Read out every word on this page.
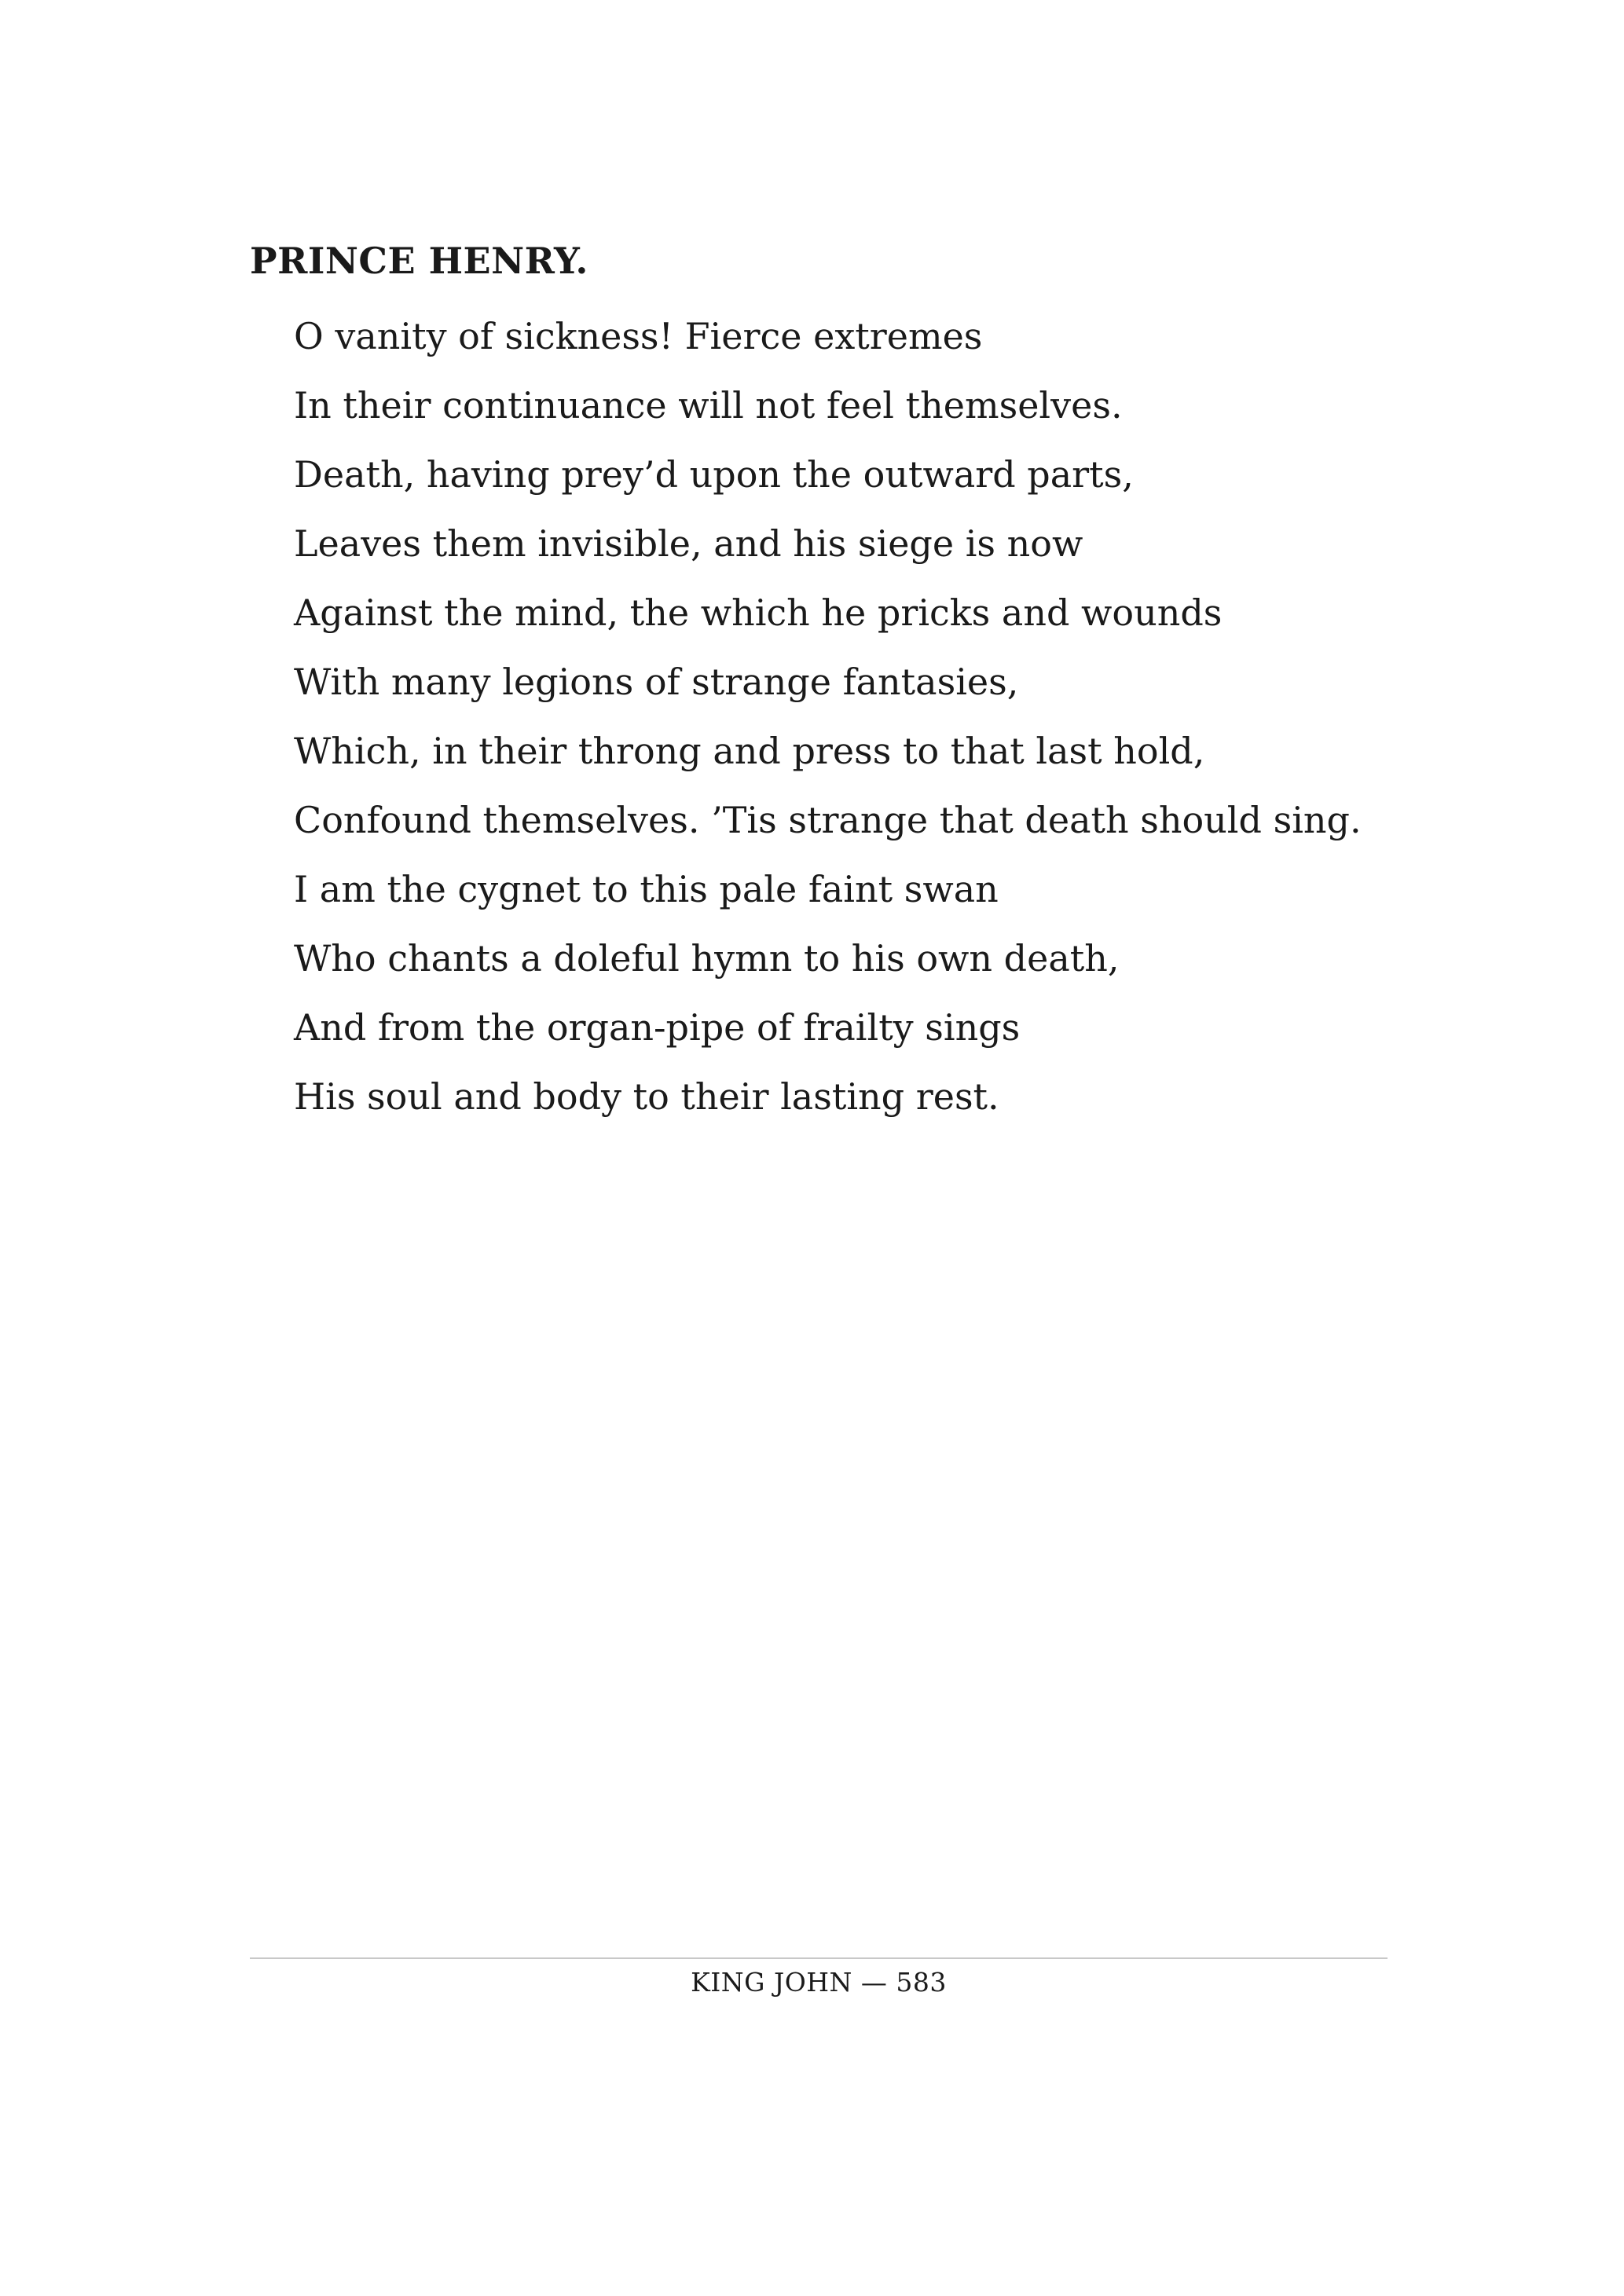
PRINCE HENRY.
O vanity of sickness! Fierce extremes
In their continuance will not feel themselves.
Death, having prey’d upon the outward parts,
Leaves them invisible, and his siege is now
Against the mind, the which he pricks and wounds
With many legions of strange fantasies,
Which, in their throng and press to that last hold,
Confound themselves. ’Tis strange that death should sing.
I am the cygnet to this pale faint swan
Who chants a doleful hymn to his own death,
And from the organ-pipe of frailty sings
His soul and body to their lasting rest.
KING JOHN — 583
